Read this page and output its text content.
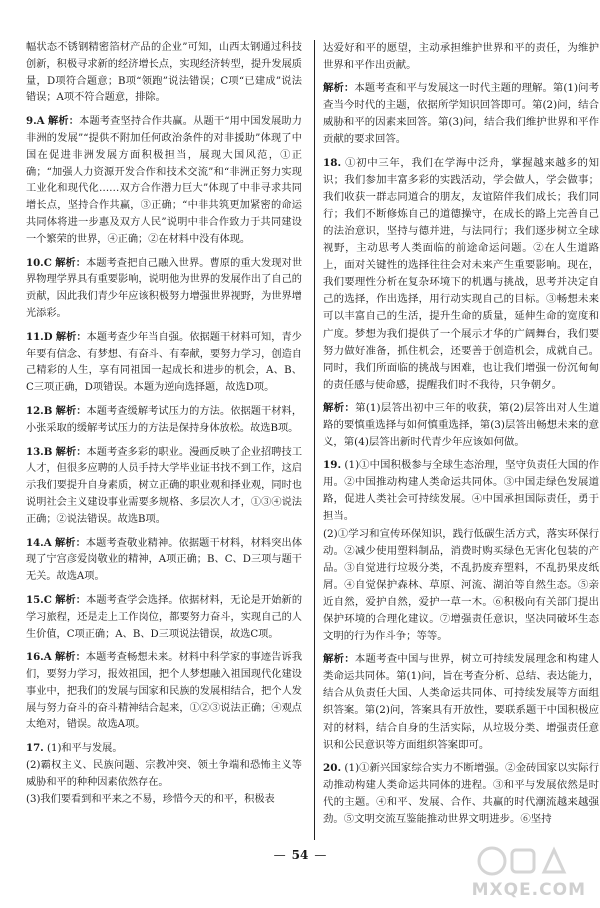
幅状态不锈钢精密箔材产品的企业”可知，山西太钢通过科技创新，积极寻求新的经济增长点，实现经济转型，提升发展质量，D项符合题意；B项“领跑”说法错误；C项“已建成”说法错误；A项不符合题意，排除。
9.A 解析：本题考查坚持合作共赢。从题干“用中国发展助力非洲的发展”“提供不附加任何政治条件的对非援助”体现了中国在促进非洲发展方面积极担当，展现大国风范，①正确；“加强人力资源开发合作和技术交流”和“非洲正努力实现工业化和现代化……双方合作潜力巨大”体现了中非寻求共同增长点，坚持合作共赢，③正确；“中非共筑更加紧密的命运共同体将进一步惠及双方人民”说明中非合作致力于共同建设一个繁荣的世界，④正确；②在材料中没有体现。
10.C 解析：本题考查把自己融入世界。曹原的重大发现对世界物理学界具有重要影响，说明他为世界的发展作出了自己的贡献，因此我们青少年应该积极努力增强世界视野，为世界增光添彩。
11.D 解析：本题考查少年当自强。依据题干材料可知，青少年要有信念、有梦想、有奋斗、有奉献，要努力学习，创造自己精彩的人生，享有同祖国一起成长和进步的机会，A、B、C三项正确，D项错误。本题为逆向选择题，故选D项。
12.B 解析：本题考查缓解考试压力的方法。依据题干材料，小张采取的缓解考试压力的方法是保持身体放松。故选B项。
13.B 解析：本题考查多彩的职业。漫画反映了企业招聘技工人才，但很多应聘的人员手持大学毕业证书找不到工作，这启示我们要提升自身素质，树立正确的职业观和择业观，同时也说明社会主义建设事业需要多规格、多层次人才，①③④说法正确；②说法错误。故选B项。
14.A 解析：本题考查敬业精神。依据题干材料，材料突出体现了宁宫彦爱岗敬业的精神，A项正确；B、C、D三项与题干无关。故选A项。
15.C 解析：本题考查学会选择。依据材料，无论是开始新的学习旅程，还是走上工作岗位，都要努力奋斗，实现自己的人生价值，C项正确；A、B、D三项说法错误，故选C项。
16.A 解析：本题考查畅想未来。材料中科学家的事迹告诉我们，要努力学习，报效祖国，把个人梦想融入祖国现代化建设事业中，把我们的发展与国家和民族的发展相结合，把个人发展与努力奋斗的奋斗精神结合起来，①②③说法正确；④观点太绝对，错误。故选A项。
17. (1)和平与发展。
(2)霸权主义、民族问题、宗教冲突、领土争端和恐怖主义等威胁和平的种种因素依然存在。
(3)我们要看到和平来之不易，珍惜今天的和平，积极表
达爱好和平的愿望，主动承担维护世界和平的责任，为维护世界和平作出贡献。
解析：本题考查和平与发展这一时代主题的理解。第(1)问考查当今时代的主题，依据所学知识回答即可。第(2)问，结合威胁和平的因素来回答。第(3)问，结合我们维护世界和平作贡献的要求回答。
18. ①初中三年，我们在学海中泛舟，掌握越来越多的知识；我们参加丰富多彩的实践活动，学会做人，学会做事；我们收获一群志同道合的朋友，友谊陪伴我们成长；我们同行；我们不断修炼自己的道德操守，在成长的路上完善自己的法治意识，坚持与德并进，与法同行；我们逐步树立全球视野，主动思考人类面临的前途命运问题。②在人生道路上，面对关键性的选择往往会对未来产生重要影响。现在，我们要理性分析在复杂环境下的机遇与挑战，思考并决定自己的选择，作出选择，用行动实现自己的目标。③畅想未来可以丰富自己的生活，提升生命的质量，延伸生命的宽度和广度。梦想为我们提供了一个展示才华的广阔舞台，我们要努力做好准备，抓住机会，还要善于创造机会，成就自己。同时，我们所面临的挑战与困难，也让我们增强一份沉甸甸的责任感与使命感，提醒我们时不我待，只争朝夕。
解析：第(1)层答出初中三年的收获，第(2)层答出对人生道路的要慎重选择与如何慎重选择，第(3)层答出畅想未来的意义，第(4)层答出新时代青少年应该如何做。
19. (1)①中国积极参与全球生态治理，坚守负责任大国的作用。②中国推动构建人类命运共同体。③中国走绿色发展道路，促进人类社会可持续发展。④中国承担国际责任，勇于担当。
(2)①学习和宣传环保知识，践行低碳生活方式，落实环保行动。②减少使用塑料制品，消费时购买绿色无害化包装的产品。③自觉进行垃圾分类，不乱扔废弃塑料，不乱扔果皮纸屑。④自觉保护森林、草原、河流、湖泊等自然生态。⑤亲近自然，爱护自然，爱护一草一木。⑥积极向有关部门提出保护环境的合理化建议。⑦增强责任意识，坚决同破坏生态文明的行为作斗争；等等。
解析：本题考查中国与世界，树立可持续发展理念和构建人类命运共同体。第(1)问，旨在考查分析、总结、表达能力，结合从负责任大国、人类命运共同体、可持续发展等方面组织答案。第(2)问，答案具有开放性，要联系题干中国积极应对的材料，结合自身的生活实际，从垃圾分类、增强责任意识和公民意识等方面组织答案即可。
20. (1)①新兴国家综合实力不断增强。②金砖国家以实际行动推动构建人类命运共同体的进程。③和平与发展依然是时代的主题。④和平、发展、合作、共赢的时代潮流越来越强劲。⑤文明交流互鉴能推动世界文明进步。⑥坚持
— 54 —
MXQE.COM
